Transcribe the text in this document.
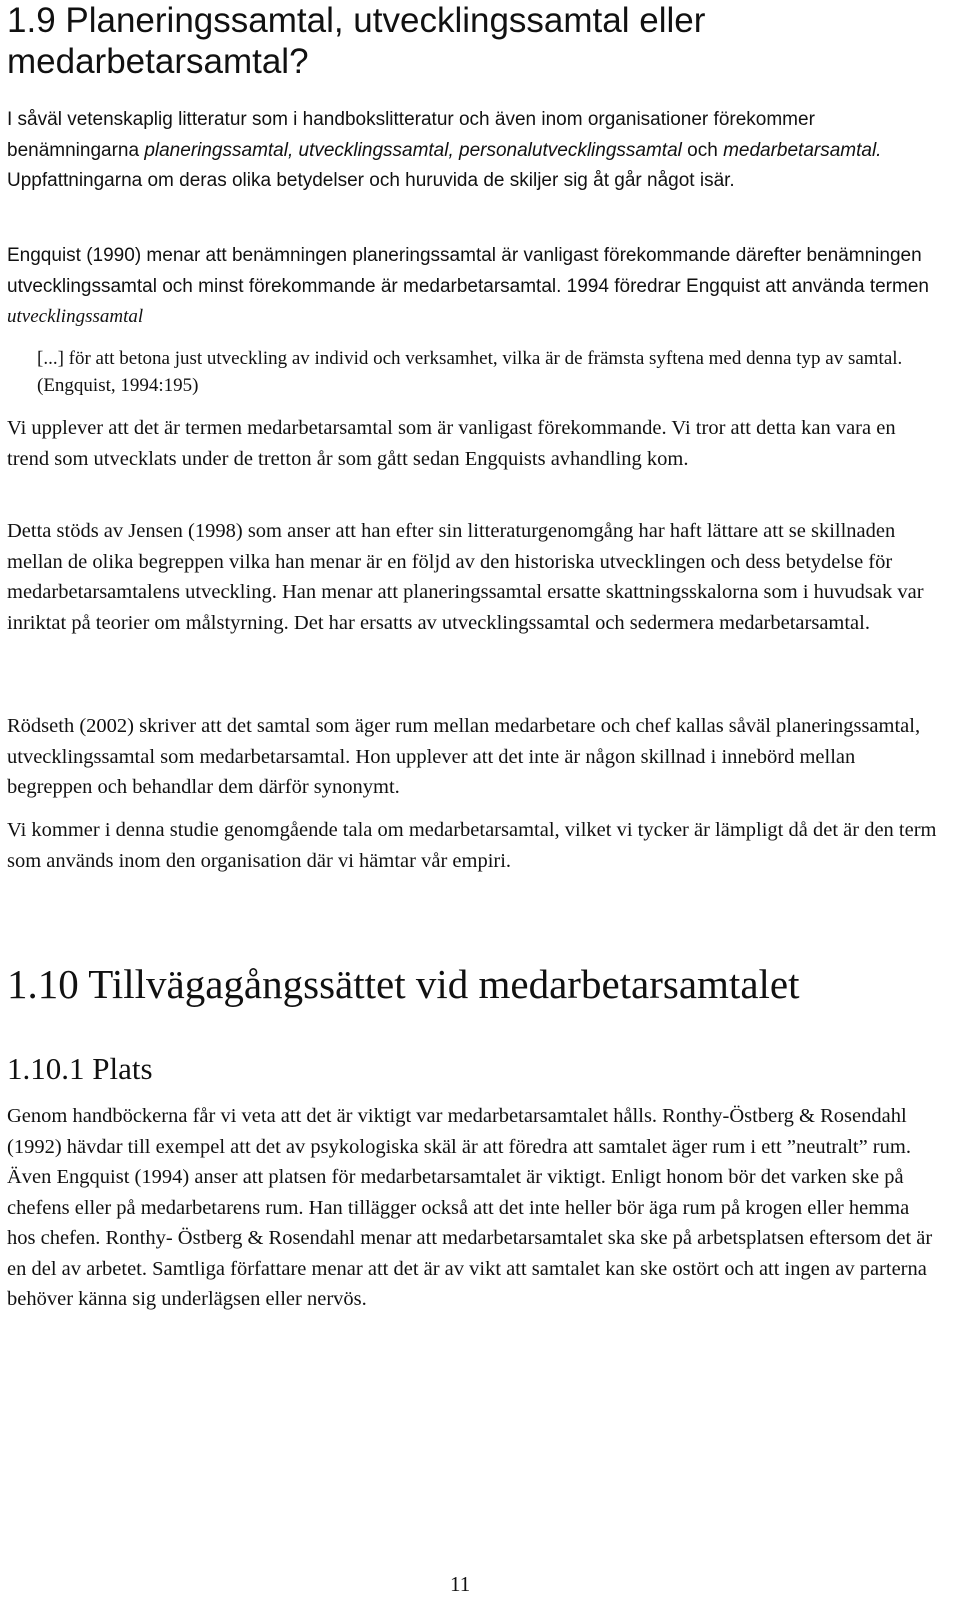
1.9 Planeringssamtal, utvecklingssamtal eller medarbetarsamtal?

I såväl vetenskaplig litteratur som i handbokslitteratur och även inom organisationer förekommer benämningarna planeringssamtal, utvecklingssamtal, personalutvecklingssamtal och medarbetarsamtal. Uppfattningarna om deras olika betydelser och huruvida de skiljer sig åt går något isär.

Engquist (1990) menar att benämningen planeringssamtal är vanligast förekommande därefter benämningen utvecklingssamtal och minst förekommande är medarbetarsamtal. 1994 föredrar Engquist att använda termen utvecklingssamtal

[...] för att betona just utveckling av individ och verksamhet, vilka är de främsta syftena med denna typ av samtal. (Engquist, 1994:195)

Vi upplever att det är termen medarbetarsamtal som är vanligast förekommande. Vi tror att detta kan vara en trend som utvecklats under de tretton år som gått sedan Engquists avhandling kom.

Detta stöds av Jensen (1998) som anser att han efter sin litteraturgenomgång har haft lättare att se skillnaden mellan de olika begreppen vilka han menar är en följd av den historiska utvecklingen och dess betydelse för medarbetarsamtalens utveckling. Han menar att planeringssamtal ersatte skattningsskalorna som i huvudsak var inriktat på teorier om målstyrning. Det har ersatts av utvecklingssamtal och sedermera medarbetarsamtal.

Rödseth (2002) skriver att det samtal som äger rum mellan medarbetare och chef kallas såväl planeringssamtal, utvecklingssamtal som medarbetarsamtal. Hon upplever att det inte är någon skillnad i innebörd mellan begreppen och behandlar dem därför synonymt.

Vi kommer i denna studie genomgående tala om medarbetarsamtal, vilket vi tycker är lämpligt då det är den term som används inom den organisation där vi hämtar vår empiri.

1.10 Tillvägagångssättet vid medarbetarsamtalet
1.10.1 Plats

Genom handböckerna får vi veta att det är viktigt var medarbetarsamtalet hålls. Ronthy-Östberg & Rosendahl (1992) hävdar till exempel att det av psykologiska skäl är att föredra att samtalet äger rum i ett ”neutralt” rum. Även Engquist (1994) anser att platsen för medarbetarsamtalet är viktigt. Enligt honom bör det varken ske på chefens eller på medarbetarens rum. Han tillägger också att det inte heller bör äga rum på krogen eller hemma hos chefen. Ronthy- Östberg & Rosendahl menar att medarbetarsamtalet ska ske på arbetsplatsen eftersom det är en del av arbetet. Samtliga författare menar att det är av vikt att samtalet kan ske ostört och att ingen av parterna behöver känna sig underlägsen eller nervös.

11
